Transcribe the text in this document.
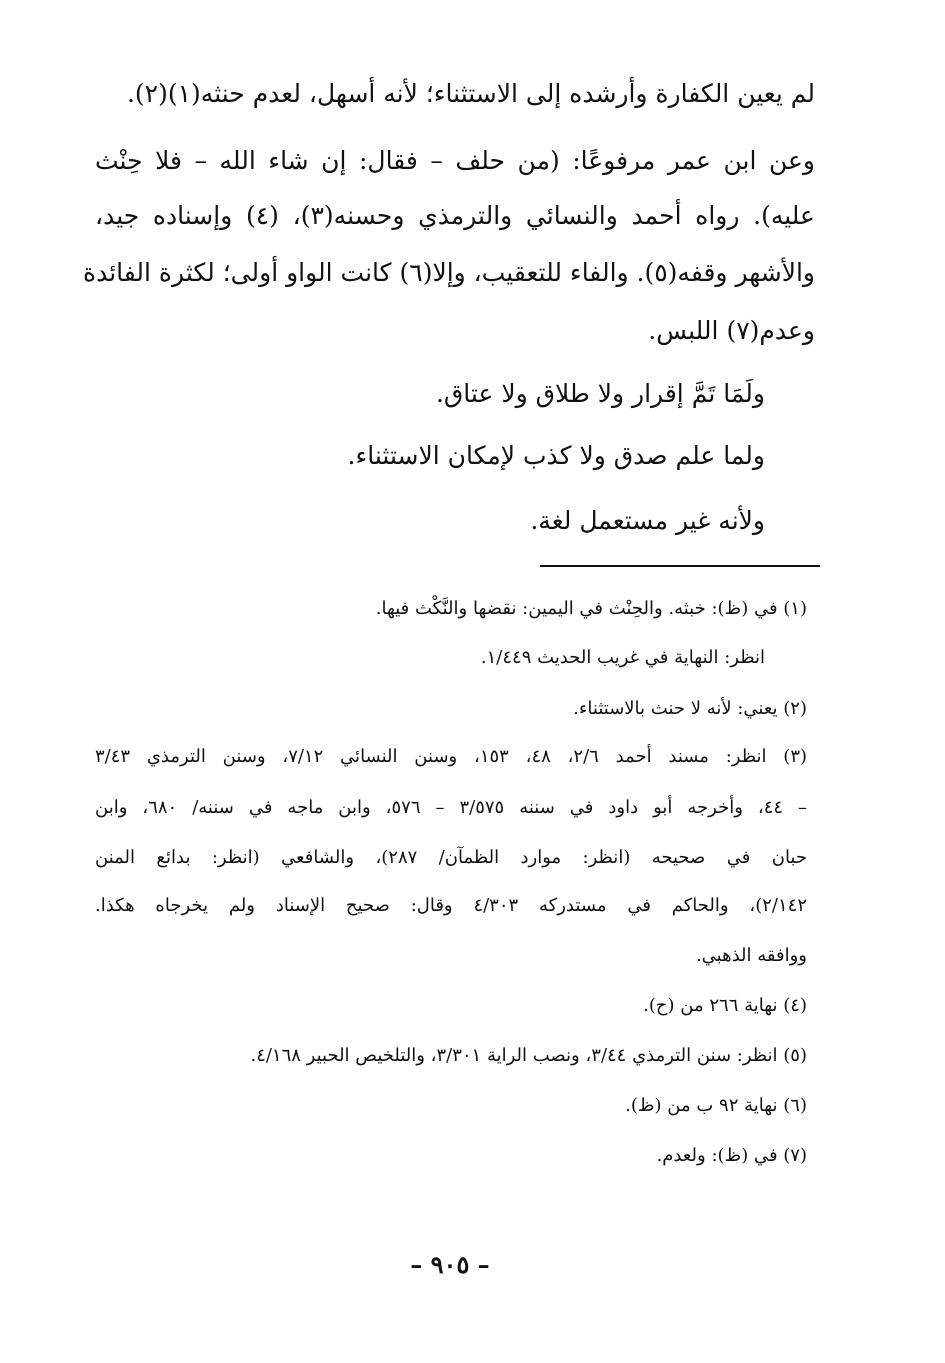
لم يعين الكفارة وأرشده إلى الاستثناء؛ لأنه أسهل، لعدم حنثه(١)(٢).
وعن ابن عمر مرفوعًا: (من حلف – فقال: إن شاء الله – فلا حِنْث
عليه). رواه أحمد والنسائي والترمذي وحسنه(٣)، (٤) وإسناده جيد،
والأشهر وقفه(٥). والفاء للتعقيب، وإلا(٦) كانت الواو أولى؛ لكثرة الفائدة
وعدم(٧) اللبس.
ولَمَا تَمَّ إقرار ولا طلاق ولا عتاق.
ولما علم صدق ولا كذب لإمكان الاستثناء.
ولأنه غير مستعمل لغة.
(١) في (ظ): خبثه. والحِنْث في اليمين: نقضها والنَّكْث فيها.
انظر: النهاية في غريب الحديث ١/٤٤٩.
(٢) يعني: لأنه لا حنث بالاستثناء.
(٣) انظر: مسند أحمد ٢/٦، ٤٨، ١٥٣، وسنن النسائي ٧/١٢، وسنن الترمذي ٣/٤٣
– ٤٤، وأخرجه أبو داود في سننه ٣/٥٧٥ – ٥٧٦، وابن ماجه في سننه/ ٦٨٠، وابن
حبان في صحيحه (انظر: موارد الظمآن/ ٢٨٧)، والشافعي (انظر: بدائع المنن
٢/١٤٢)، والحاكم في مستدركه ٤/٣٠٣ وقال: صحيح الإسناد ولم يخرجاه هكذا.
ووافقه الذهبي.
(٤) نهاية ٢٦٦ من (ح).
(٥) انظر: سنن الترمذي ٣/٤٤، ونصب الراية ٣/٣٠١، والتلخيص الحبير ٤/١٦٨.
(٦) نهاية ٩٢ ب من (ظ).
(٧) في (ظ): ولعدم.
– ٩٠٥ –
